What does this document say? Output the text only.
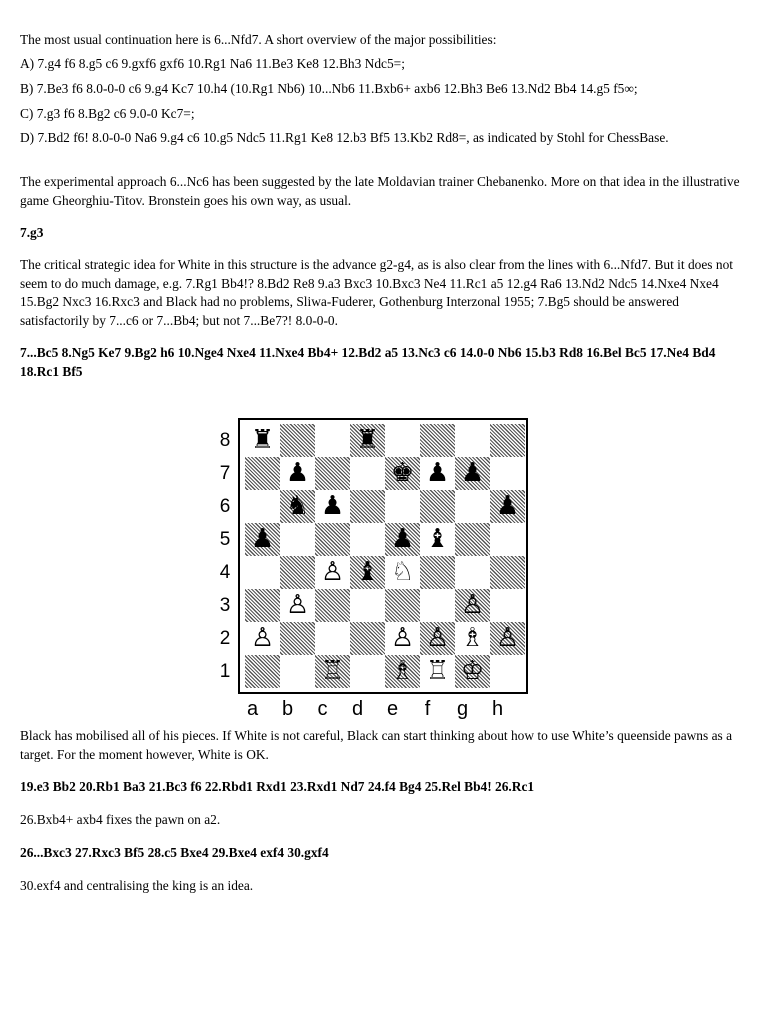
The most usual continuation here is 6...Nfd7. A short overview of the major possibilities:

A) 7.g4 f6 8.g5 c6 9.gxf6 gxf6 10.Rg1 Na6 11.Be3 Ke8 12.Bh3 Ndc5=;

B) 7.Be3 f6 8.0-0-0 c6 9.g4 Kc7 10.h4 (10.Rg1 Nb6) 10...Nb6 11.Bxb6+ axb6 12.Bh3 Be6 13.Nd2 Bb4 14.g5 f5∞;

C) 7.g3 f6 8.Bg2 c6 9.0-0 Kc7=;

D) 7.Bd2 f6! 8.0-0-0 Na6 9.g4 c6 10.g5 Ndc5 11.Rg1 Ke8 12.b3 Bf5 13.Kb2 Rd8=, as indicated by Stohl for ChessBase.

The experimental approach 6...Nc6 has been suggested by the late Moldavian trainer Chebanenko. More on that idea in the illustrative game Gheorghiu-Titov. Bronstein goes his own way, as usual.

7.g3

The critical strategic idea for White in this structure is the advance g2-g4, as is also clear from the lines with 6...Nfd7. But it does not seem to do much damage, e.g. 7.Rg1 Bb4!? 8.Bd2 Re8 9.a3 Bxc3 10.Bxc3 Ne4 11.Rc1 a5 12.g4 Ra6 13.Nd2 Ndc5 14.Nxe4 Nxe4 15.Bg2 Nxc3 16.Rxc3 and Black had no problems, Sliwa-Fuderer, Gothenburg Interzonal 1955; 7.Bg5 should be answered satisfactorily by 7...c6 or 7...Bb4; but not 7...Be7?! 8.0-0-0.

7...Bc5 8.Ng5 Ke7 9.Bg2 h6 10.Nge4 Nxe4 11.Nxe4 Bb4+ 12.Bd2 a5 13.Nc3 c6 14.0-0 Nb6 15.b3 Rd8 16.Bel Bc5 17.Ne4 Bd4 18.Rc1 Bf5

♜	♜
♟	♚ ♟ ♟
♞ ♟	♟
♟	♟ ♝
♙ ♝ ♘
♙	♙
♙	♙ ♙ ♗ ♙
♖ ♗ ♖ ♔
8
7
6
5
4
3
2
1
a	b	c	d	e	f	g	h

Black has mobilised all of his pieces. If White is not careful, Black can start thinking about how to use White’s queenside pawns as a target. For the moment however, White is OK.

19.e3 Bb2 20.Rb1 Ba3 21.Bc3 f6 22.Rbd1 Rxd1 23.Rxd1 Nd7 24.f4 Bg4 25.Rel Bb4! 26.Rc1

26.Bxb4+ axb4 fixes the pawn on a2.

26...Bxc3 27.Rxc3 Bf5 28.c5 Bxe4 29.Bxe4 exf4 30.gxf4

30.exf4 and centralising the king is an idea.
